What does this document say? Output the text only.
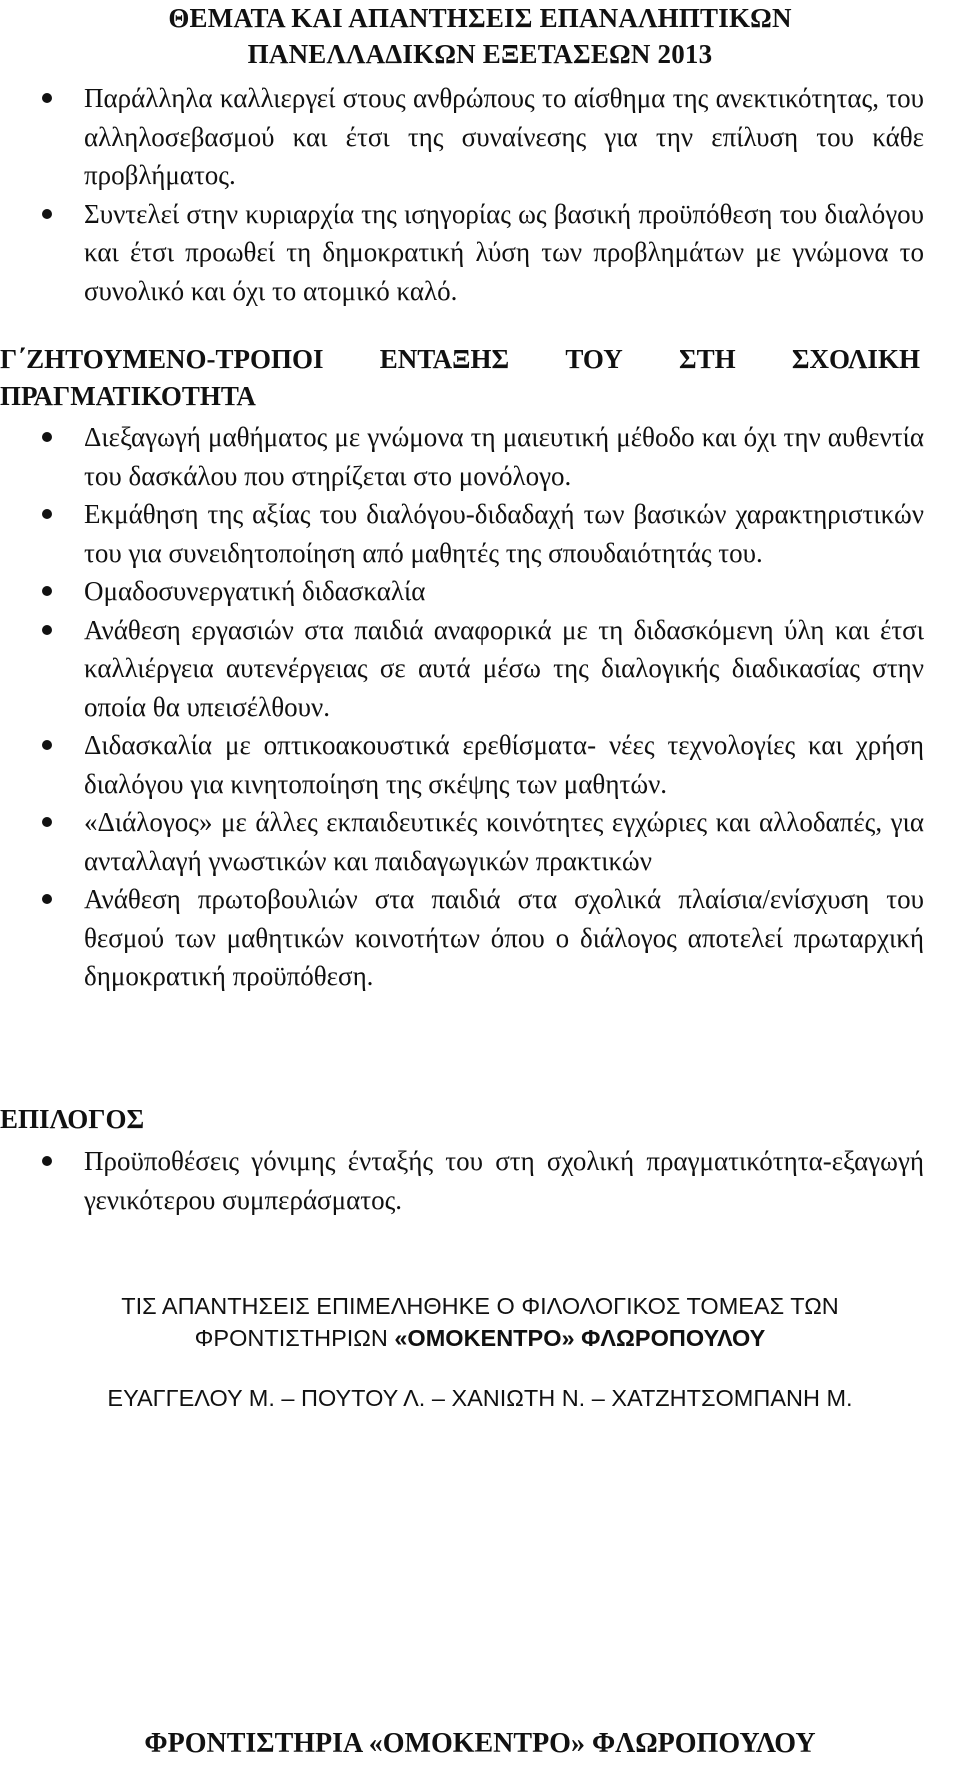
ΘΕΜΑΤΑ ΚΑΙ ΑΠΑΝΤΗΣΕΙΣ ΕΠΑΝΑΛΗΠΤΙΚΩΝ
ΠΑΝΕΛΛΑΔΙΚΩΝ ΕΞΕΤΑΣΕΩΝ 2013
Παράλληλα καλλιεργεί στους ανθρώπους το αίσθημα της ανεκτικότητας, του αλληλοσεβασμού και έτσι της συναίνεσης για την επίλυση του κάθε προβλήματος.
Συντελεί στην κυριαρχία της ισηγορίας ως βασική προϋπόθεση του διαλόγου και έτσι προωθεί τη δημοκρατική λύση των προβλημάτων με γνώμονα το συνολικό και όχι το ατομικό καλό.
Γ΄ΖΗΤΟΥΜΕΝΟ-ΤΡΟΠΟΙ ΕΝΤΑΞΗΣ ΤΟΥ ΣΤΗ ΣΧΟΛΙΚΗ
ΠΡΑΓΜΑΤΙΚΟΤΗΤΑ
Διεξαγωγή μαθήματος με γνώμονα τη μαιευτική μέθοδο και όχι την αυθεντία του δασκάλου που στηρίζεται στο μονόλογο.
Εκμάθηση της αξίας του διαλόγου-διδαδαχή των βασικών χαρακτηριστικών του για συνειδητοποίηση από μαθητές της σπουδαιότητάς του.
Ομαδοσυνεργατική διδασκαλία
Ανάθεση εργασιών στα παιδιά αναφορικά με τη διδασκόμενη ύλη και έτσι καλλιέργεια αυτενέργειας σε αυτά μέσω της διαλογικής διαδικασίας στην οποία θα υπεισέλθουν.
Διδασκαλία με οπτικοακουστικά ερεθίσματα- νέες τεχνολογίες και χρήση διαλόγου για κινητοποίηση της σκέψης των μαθητών.
«Διάλογος» με άλλες εκπαιδευτικές κοινότητες εγχώριες και αλλοδαπές, για ανταλλαγή γνωστικών και παιδαγωγικών πρακτικών
Ανάθεση πρωτοβουλιών στα παιδιά στα σχολικά πλαίσια/ενίσχυση του θεσμού των μαθητικών κοινοτήτων όπου ο διάλογος αποτελεί πρωταρχική δημοκρατική προϋπόθεση.
ΕΠΙΛΟΓΟΣ
Προϋποθέσεις γόνιμης ένταξής του στη σχολική πραγματικότητα-εξαγωγή γενικότερου συμπεράσματος.
ΤΙΣ ΑΠΑΝΤΗΣΕΙΣ ΕΠΙΜΕΛΗΘΗΚΕ Ο ΦΙΛΟΛΟΓΙΚΟΣ ΤΟΜΕΑΣ ΤΩΝ
ΦΡΟΝΤΙΣΤΗΡΙΩΝ «ΟΜΟΚΕΝΤΡΟ» ΦΛΩΡΟΠΟΥΛΟΥ
ΕΥΑΓΓΕΛΟΥ Μ. – ΠΟΥΤΟΥ Λ. – ΧΑΝΙΩΤΗ Ν. – ΧΑΤΖΗΤΣΟΜΠΑΝΗ Μ.
ΦΡΟΝΤΙΣΤΗΡΙΑ «ΟΜΟΚΕΝΤΡΟ» ΦΛΩΡΟΠΟΥΛΟΥ
